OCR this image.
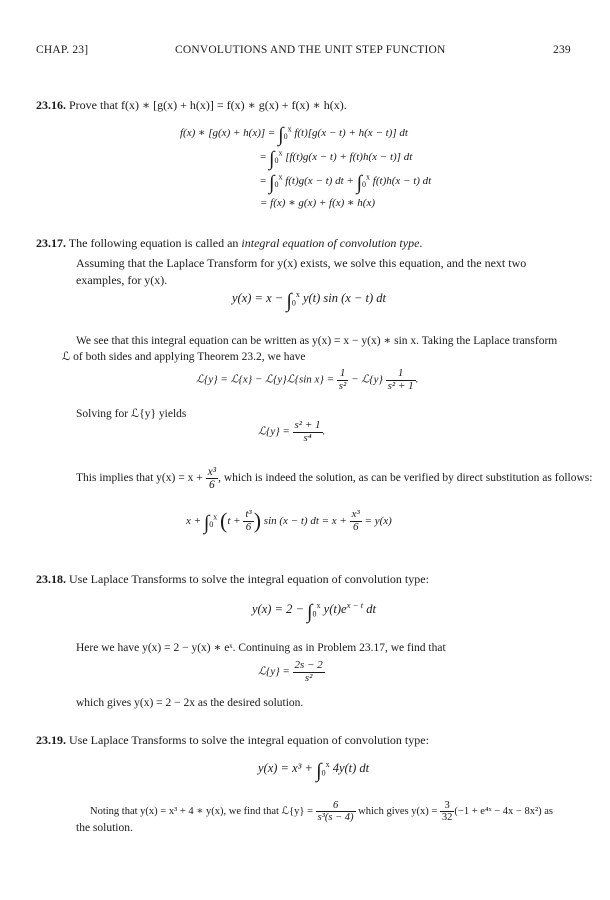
CHAP. 23]	CONVOLUTIONS AND THE UNIT STEP FUNCTION	239
23.16. Prove that f(x) ∗ [g(x) + h(x)] = f(x) ∗ g(x) + f(x) ∗ h(x).
f(x) ∗ $[g(x) + h(x)] = \int_0^x$ f(t)[g(x − t) + h(x − t)] dt
= $\int_0^x$ [f(t)g(x − t) + f(t)h(x − t)] dt
= $\int_0^x$ f(t)g(x − t) dt + $\int_0^x$ f(t)h(x − t) dt
= f(x) ∗ g(x) + f(x) ∗ h(x)
23.17. The following equation is called an integral equation of convolution type.
Assuming that the Laplace Transform for y(x) exists, we solve this equation, and the next two examples, for y(x).
$y(x) = x - \int_0^x$ y(t) sin (x − t) dt
We see that this integral equation can be written as y(x) = x − y(x) ∗ sin x. Taking the Laplace transform ℒ of both sides and applying Theorem 23.2, we have
ℒ{y} = ℒ{x} − ℒ{y}ℒ{sin $x\} = \frac{1}{\text{s²}}$ − ℒ{y} $\frac{1}{\text{s² + 1}}$ .
Solving for ℒ{y} yields
ℒ{y} = $\frac{\text{s² + 1}}{\text{s⁴}}$ .
This implies that $y(x) = x + \frac{\text{x³}}{6}$ , which is indeed the solution, as can be verified by direct substitution as follows:
$x + \int_0^x$ ($t + \frac{\text{t³}}{6}$ ) sin (x − t) dt = $x + \frac{\text{x³}}{6} = y(x)$
23.18. Use Laplace Transforms to solve the integral equation of convolution type:
$y(x) = 2 - \int_0^x$ $y(t)e^{x - t}$ dt
Here we have y(x) = 2 − y(x) ∗ eˣ. Continuing as in Problem 23.17, we find that
ℒ{y} = $\frac{2s - 2}{\text{s²}}$
which gives y(x) = 2 − 2x as the desired solution.
23.19. Use Laplace Transforms to solve the integral equation of convolution type:
$y(x) = x^3 + \int_0^x$ 4y(t) dt
Noting that y(x) = x³ + 4 ∗ y(x), we find that ℒ{y} = $\frac{6}{\text{s³(s − 4)}}$ which gives $y(x) = \frac{3}{32} (-1$ + e⁴ˣ − 4x − 8x²) as
the solution.
